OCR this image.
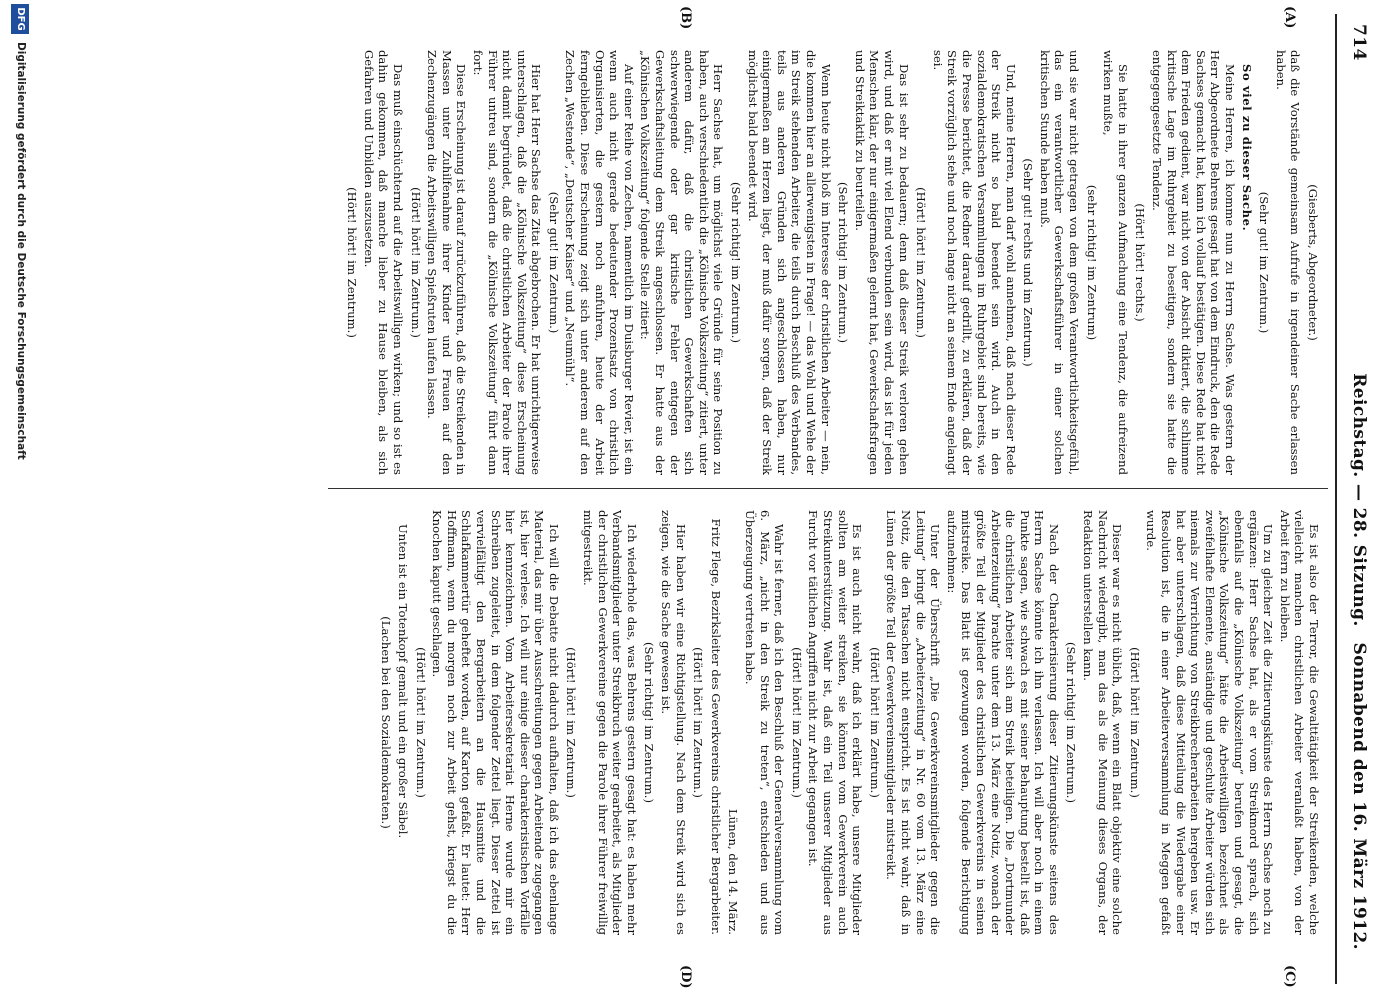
714
Reichstag. — 28. Sitzung.
Sonnabend den 16. März 1912.
(A)
(B)
(C)
(D)

(Giesberts, Abgeordneter.)

daß die Vorstände gemeinsam Aufrufe in irgendeiner Sache erlassen haben.

(Sehr gut! im Zentrum.)

So viel zu dieser Sache.

Meine Herren, ich komme nun zu Herrn Sachse. Was gestern der Herr Abgeordnete Behrens gesagt hat von dem Eindruck, den die Rede Sachses gemacht hat, kann ich vollauf bestätigen. Diese Rede hat nicht dem Frieden gedient, war nicht von der Absicht diktiert, die schlimme kritische Lage im Ruhrgebiet zu beseitigen, sondern sie hatte die entgegengesetzte Tendenz.

(Hört! hört! rechts.)

Sie hatte in ihrer ganzen Aufmachung eine Tendenz, die aufreizend wirken mußte,

(sehr richtig! im Zentrum)

und sie war nicht getragen von dem großen Verantwortlichkeitsgefühl, das ein verantwortlicher Gewerkschaftsführer in einer solchen kritischen Stunde haben muß.

(Sehr gut! rechts und im Zentrum.)

Und, meine Herren, man darf wohl annehmen, daß nach dieser Rede der Streik nicht so bald beendet sein wird. Auch in den sozialdemokratischen Versammlungen im Ruhrgebiet sind bereits, wie die Presse berichtet, die Redner darauf gedrillt, zu erklären, daß der Streik vorzüglich stehe und noch lange nicht an seinem Ende angelangt sei.

(Hört! hört! im Zentrum.)

Das ist sehr zu bedauern; denn daß dieser Streik verloren gehen wird, und daß er mit viel Elend verbunden sein wird, das ist für jeden Menschen klar, der nur einigermaßen gelernt hat, Gewerkschaftsfragen und Streiktaktik zu beurteilen.

(Sehr richtig! im Zentrum.)

Wenn heute nicht bloß im Interesse der christlichen Arbeiter — nein, die kommen hier an allerwenigsten in Frage! — das Wohl und Wehe der im Streik stehenden Arbeiter, die teils durch Beschluß des Verbandes, teils aus anderen Gründen sich angeschlossen haben, nur einigermaßen am Herzen liegt, der muß dafür sorgen, daß der Streik möglichst bald beendet wird.

(Sehr richtig! im Zentrum.)

Herr Sachse hat, um möglichst viele Gründe für seine Position zu haben, auch verschiedentlich die „Kölnische Volkszeitung“ zitiert, unter anderem dafür, daß die christlichen Gewerkschaften sich schwerwiegende oder gar kritische Fehler entgegen der Gewerkschaftsleitung dem Streik angeschlossen. Er hatte aus der „Kölnischen Volkszeitung“ folgende Stelle zitiert:

Auf einer Reihe von Zechen, namentlich im Duisburger Revier, ist ein wenn auch nicht gerade bedeutender Prozentsatz von christlich Organisierten, die gestern noch anfuhren, heute der Arbeit ferngeblieben. Diese Erscheinung zeigt sich unter anderem auf den Zechen „Westende“, „Deutscher Kaiser“ und „Neumühl“.

(Sehr gut! im Zentrum.)

Hier hat Herr Sachse das Zitat abgebrochen. Er hat unrichtigerweise unterschlagen, daß die „Kölnische Volkszeitung“ diese Erscheinung nicht damit begründet, daß die christlichen Arbeiter der Parole ihrer Führer untreu sind, sondern die „Kölnische Volkszeitung“ führt dann fort:

Diese Erscheinung ist darauf zurückzuführen, daß die Streikenden in Massen unter Zuhilfenahme ihrer Kinder und Frauen auf den Zechenzugängen die Arbeitswilligen Spießruten laufen lassen.

(Hört! hört! im Zentrum.)

Das muß einschüchternd auf die Arbeitswilligen wirken; und so ist es dahin gekommen, daß manche lieber zu Hause bleiben, als sich Gefahren und Unbilden auszusetzen.

(Hört! hört! im Zentrum.)

Es ist also der Terror, die Gewalttätigkeit der Streikenden, welche vielleicht manchen christlichen Arbeiter veranlaßt haben, von der Arbeit fern zu bleiben.

Um zu gleicher Zeit die Zitierungskünste des Herrn Sachse noch zu ergänzen: Herr Sachse hat, als er vom Streikmord sprach, sich ebenfalls auf die „Kölnische Volkszeitung“ berufen und gesagt, die „Kölnische Volkszeitung“ hätte die Arbeitswilligen bezeichnet als zweifelhafte Elemente, anständige und geschulte Arbeiter würden sich niemals zur Verrichtung von Streikbrecherarbeiten hergeben usw. Er hat aber unterschlagen, daß diese Mitteilung die Wiedergabe einer Resolution ist, die in einer Arbeiterversammlung in Meggen gefaßt wurde.

(Hört! hört! im Zentrum.)

Dieser war es nicht üblich, daß, wenn ein Blatt objektiv eine solche Nachricht wiedergibt, man das als die Meinung dieses Organs, der Redaktion unterstellen kann.

(Sehr richtig! im Zentrum.)

Nach der Charakterisierung dieser Zitierungskünste seitens des Herrn Sachse könnte ich ihn verlassen. Ich will aber noch in einem Punkte sagen, wie schwach es mit seiner Behauptung bestellt ist, daß die christlichen Arbeiter sich am Streik beteiligen. Die „Dortmunder Arbeiterzeitung“ brachte unter dem 13. März eine Notiz, wonach der größte Teil der Mitglieder des christlichen Gewerkvereins in seinen mitstreike. Das Blatt ist gezwungen worden, folgende Berichtigung aufzunehmen:

Unter der Überschrift „Die Gewerkvereinsmitglieder gegen die Leitung“ bringt die „Arbeiterzeitung“ in Nr. 60 vom 13. März eine Notiz, die den Tatsachen nicht entspricht. Es ist nicht wahr, daß in Lünen der größte Teil der Gewerkvereinsmitglieder mitstreikt.

(Hört! hört! im Zentrum.)

Es ist auch nicht wahr, daß ich erklärt habe, unsere Mitglieder sollten am weiter streiken, sie könnten vom Gewerkverein auch Streikunterstützung. Wahr ist, daß ein Teil unserer Mitglieder aus Furcht vor tätlichen Angriffen nicht zur Arbeit gegangen ist.

(Hört! hört! im Zentrum.)

Wahr ist ferner, daß ich den Beschluß der Generalversammlung vom 6. März, „nicht in den Streik zu treten“, entschieden und aus Überzeugung vertreten habe.

Lünen, den 14. März.

Fritz Flege, Bezirksleiter des Gewerkvereins christlicher Bergarbeiter.

(Hört! hört! im Zentrum.)

Hier haben wir eine Richtigstellung. Nach dem Streik wird sich es zeigen, wie die Sache gewesen ist.

(Sehr richtig! im Zentrum.)

Ich wiederhole das, was Behrens gestern gesagt hat: es haben mehr Verbandsmitglieder unter Streikbruch weiter gearbeitet, als Mitglieder der christlichen Gewerkvereine gegen die Parole ihrer Führer freiwillig mitgestreikt.

(Hört! hört! im Zentrum.)

Ich will die Debatte nicht dadurch aufhalten, daß ich das ebenlange Material, das mir über Ausschreitungen gegen Arbeitende zugegangen ist, hier verlese. Ich will nur einige dieser charakteristischen Vorfälle hier kennzeichnen. Vom Arbeitersekretariat Herne wurde mir ein Schreiben zugeleitet, in dem folgender Zettel liegt. Dieser Zettel ist vervielfältigt den Bergarbeitern an die Hausmitte und die Schlafkammertür geheftet worden, auf Karton gefaßt. Er lautet: Herr Hoffmann, wenn du morgen noch zur Arbeit gehst, kriegst du die Knochen kaputt geschlagen.

(Hört! hört! im Zentrum.)

Unten ist ein Totenkopf gemalt und ein großer Säbel.

(Lachen bei den Sozialdemokraten.)

DFG
Digitalisierung gefördert durch die Deutsche Forschungsgemeinschaft
